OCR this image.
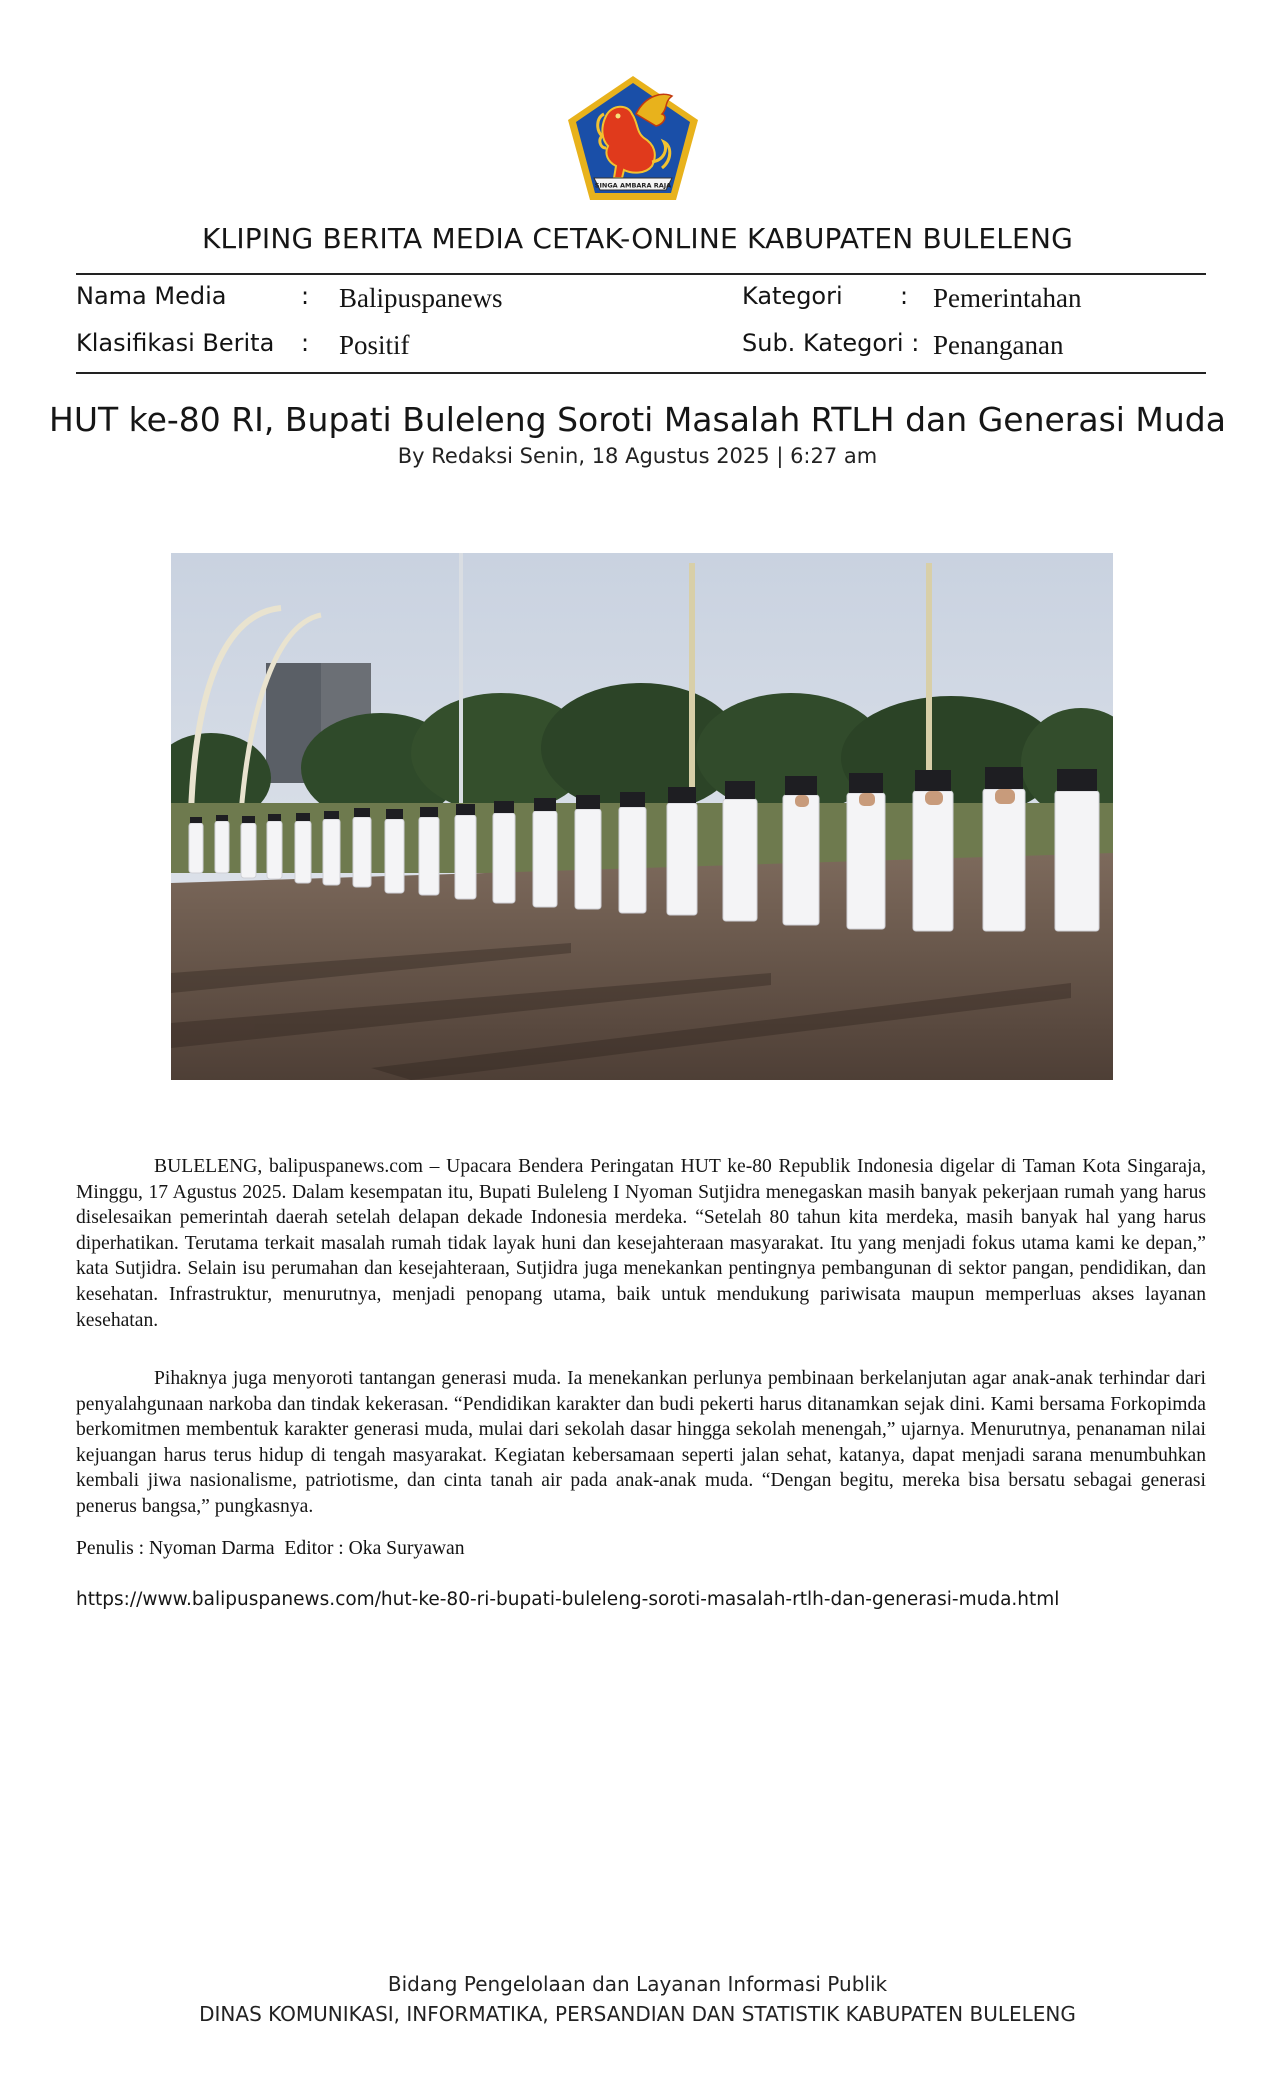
SINGA AMBARA RAJA
KLIPING BERITA MEDIA CETAK-ONLINE KABUPATEN BULELENG
Nama Media	: Balipuspanews	Kategori : Pemerintahan
Klasifikasi Berita : Positif	Sub. Kategori : Penanganan
HUT ke-80 RI, Bupati Buleleng Soroti Masalah RTLH dan Generasi Muda
By Redaksi Senin, 18 Agustus 2025 | 6:27 am

BULELENG, balipuspanews.com – Upacara Bendera Peringatan HUT ke-80 Republik Indonesia digelar di Taman Kota Singaraja, Minggu, 17 Agustus 2025. Dalam kesempatan itu, Bupati Buleleng I Nyoman Sutjidra menegaskan masih banyak pekerjaan rumah yang harus diselesaikan pemerintah daerah setelah delapan dekade Indonesia merdeka. “Setelah 80 tahun kita merdeka, masih banyak hal yang harus diperhatikan. Terutama terkait masalah rumah tidak layak huni dan kesejahteraan masyarakat. Itu yang menjadi fokus utama kami ke depan,” kata Sutjidra. Selain isu perumahan dan kesejahteraan, Sutjidra juga menekankan pentingnya pembangunan di sektor pangan, pendidikan, dan kesehatan. Infrastruktur, menurutnya, menjadi penopang utama, baik untuk mendukung pariwisata maupun memperluas akses layanan kesehatan.

Pihaknya juga menyoroti tantangan generasi muda. Ia menekankan perlunya pembinaan berkelanjutan agar anak-anak terhindar dari penyalahgunaan narkoba dan tindak kekerasan. “Pendidikan karakter dan budi pekerti harus ditanamkan sejak dini. Kami bersama Forkopimda berkomitmen membentuk karakter generasi muda, mulai dari sekolah dasar hingga sekolah menengah,” ujarnya. Menurutnya, penanaman nilai kejuangan harus terus hidup di tengah masyarakat. Kegiatan kebersamaan seperti jalan sehat, katanya, dapat menjadi sarana menumbuhkan kembali jiwa nasionalisme, patriotisme, dan cinta tanah air pada anak-anak muda. “Dengan begitu, mereka bisa bersatu sebagai generasi penerus bangsa,” pungkasnya.

Penulis : Nyoman Darma  Editor : Oka Suryawan
https://www.balipuspanews.com/hut-ke-80-ri-bupati-buleleng-soroti-masalah-rtlh-dan-generasi-muda.html
Bidang Pengelolaan dan Layanan Informasi Publik
DINAS KOMUNIKASI, INFORMATIKA, PERSANDIAN DAN STATISTIK KABUPATEN BULELENG
